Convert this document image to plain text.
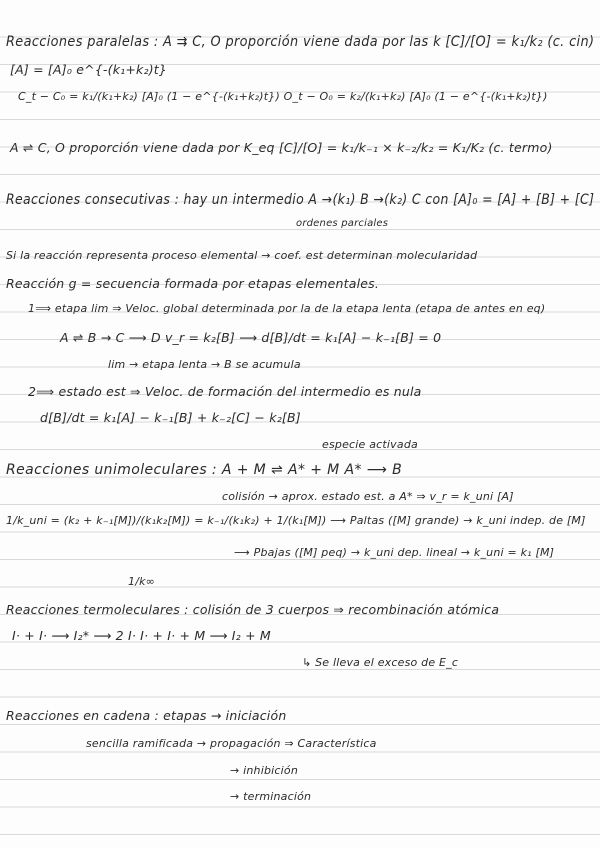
Reacciones paralelas : A ⇉ C, O proporción viene dada por las k [C]/[O] = k₁/k₂ (c. cin)
[A] = [A]₀ e^{-(k₁+k₂)t}
C_t − C₀ = k₁/(k₁+k₂) [A]₀ (1 − e^{-(k₁+k₂)t}) O_t − O₀ = k₂/(k₁+k₂) [A]₀ (1 − e^{-(k₁+k₂)t})
A ⇌ C, O proporción viene dada por K_eq [C]/[O] = k₁/k₋₁ × k₋₂/k₂ = K₁/K₂ (c. termo)
Reacciones consecutivas : hay un intermedio A →(k₁) B →(k₂) C con [A]₀ = [A] + [B] + [C]
ordenes parciales
Si la reacción representa proceso elemental → coef. est determinan molecularidad
Reacción g = secuencia formada por etapas elementales.
1⟹ etapa lim ⇒ Veloc. global determinada por la de la etapa lenta (etapa de antes en eq)
A ⇌ B → C ⟶ D v_r = k₂[B] ⟶ d[B]/dt = k₁[A] − k₋₁[B] = 0
lim → etapa lenta → B se acumula
2⟹ estado est ⇒ Veloc. de formación del intermedio es nula
d[B]/dt = k₁[A] − k₋₁[B] + k₋₂[C] − k₂[B]
especie activada
Reacciones unimoleculares : A + M ⇌ A* + M A* ⟶ B
colisión → aprox. estado est. a A* ⇒ v_r = k_uni [A]
1/k_uni = (k₂ + k₋₁[M])/(k₁k₂[M]) = k₋₁/(k₁k₂) + 1/(k₁[M]) ⟶ Paltas ([M] grande) → k_uni indep. de [M]
⟶ Pbajas ([M] peq) → k_uni dep. lineal → k_uni = k₁ [M]
1/k∞
Reacciones termoleculares : colisión de 3 cuerpos ⇒ recombinación atómica
I· + I· ⟶ I₂* ⟶ 2 I· I· + I· + M ⟶ I₂ + M
↳ Se lleva el exceso de E_c
Reacciones en cadena : etapas → iniciación
sencilla ramificada → propagación ⇒ Característica
→ inhibición
→ terminación
